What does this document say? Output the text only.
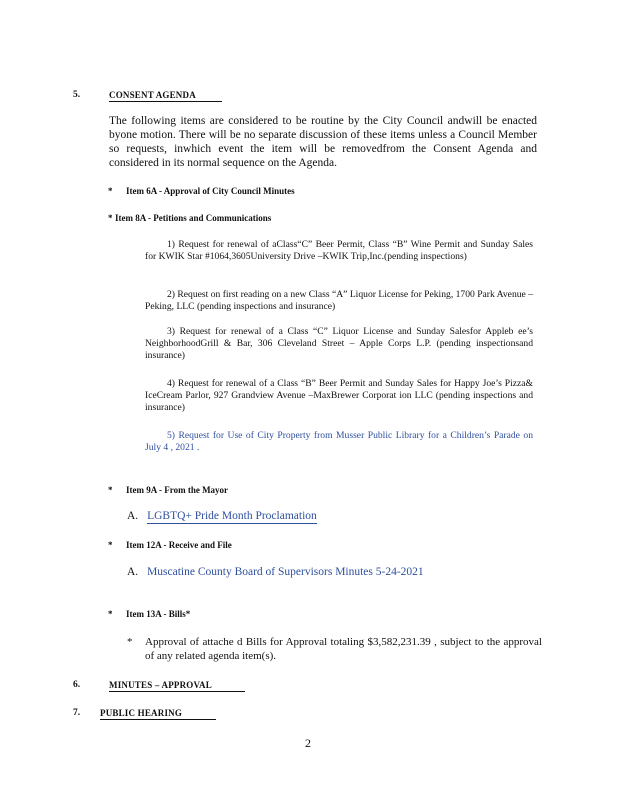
5.	CONSENT AGENDA
The following items are considered to be routine by the City Council andwill be enacted byone motion. There will be no separate discussion of these items unless a Council Member so requests, inwhich event the item will be removedfrom the Consent Agenda and considered in its normal sequence on the Agenda.
* Item 6A - Approval of City Council Minutes
* Item 8A - Petitions and Communications
1) Request for renewal of aClass“C” Beer Permit, Class “B” Wine Permit and Sunday Sales for KWIK Star #1064,3605University Drive –KWIK Trip,Inc.(pending inspections)
2) Request on first reading on a new Class “A” Liquor License for Peking, 1700 Park Avenue – Peking, LLC (pending inspections and insurance)
3) Request for renewal of a Class “C” Liquor License and Sunday Salesfor Appleb ee’s NeighborhoodGrill & Bar, 306 Cleveland Street – Apple Corps L.P. (pending inspectionsand insurance)
4) Request for renewal of a Class “B” Beer Permit and Sunday Sales for Happy Joe’s Pizza& IceCream Parlor, 927 Grandview Avenue –MaxBrewer Corporat ion LLC (pending inspections and insurance)
5) Request for Use of City Property from Musser Public Library for a Children’s Parade on July 4 , 2021 .
* Item 9A - From the Mayor
A. LGBTQ+ Pride Month Proclamation
* Item 12A - Receive and File
A. Muscatine County Board of Supervisors Minutes 5-24-2021
* Item 13A - Bills*
* Approval of attache d Bills for Approval totaling $3,582,231.39 , subject to the approval of any related agenda item(s).
6.	MINUTES – APPROVAL
7. PUBLIC HEARING
2
